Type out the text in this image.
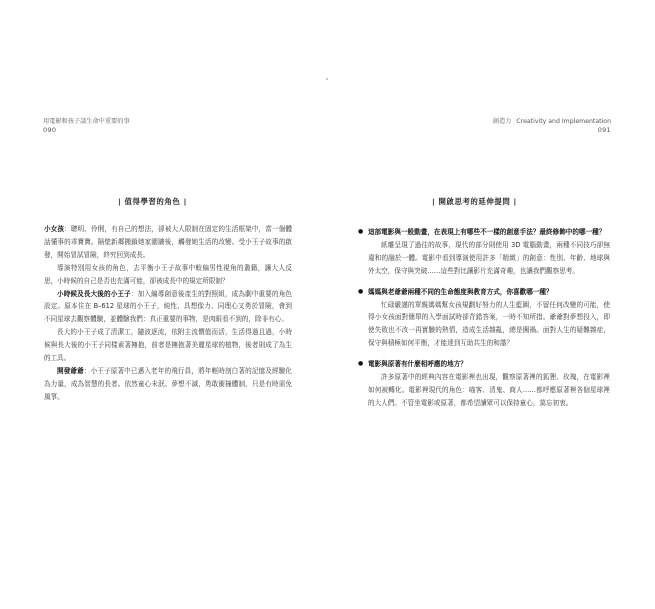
用電影和孩子談生命中重要的事
090
| 值得學習的角色 |

小女孩：聰明、伶俐，有自己的想法，卻被大人限制在固定的生活框架中，當一個體話懂事的乖寶寶。隔壁新鄰搬鎖她家圍牆後，觸發她生活的改變。受小王子故事的啟發，開始冒試冒險，終究回到成長。

導演特別用女孩的角色，去平衡小王子故事中較偏男性視角的叢籍，讓大人反思，小時候的自己是否也充滿可能，卻被成長中的規定所限制？

小時候及長大後的小王子：加入編導創意後產生的對照組，成為劇中重要的角色設定。原本住在 B–612 星球的小王子，純性、具想像力、同理心又勇於冒險，會到不同星球去觀察體驗，並體驗我們：真正重要的事物，是肉眼看不到的，除非有心。

長大的小王子成了清潔工，隨波逐流，依附主流價值而活，生活得過且過，小時候與長大後的小王子同樣素著擁抱，前者是擁抱著美麗星球的植物，後者則成了為生的工具。

開發爺爺：小王子原著中已邁入老年的飛行員，將年輕時剖白著的記憶及經驗化為力量，成為智慧的長者。依然童心未泯、夢想不滅，勇敢衝撞體制，只是有時需免風箏。

創造力 Creativity and Implementation
091
| 開啟思考的延伸提問 |
● 這部電影與一般動畫，在表現上有哪些不一樣的創意手法？最終修飾中的哪一種？

紙雕呈現了過往的故事，現代的部分則使用 3D 電腦動畫，兩種不同技巧卻無違和的融於一體。電影中看到導演使用許多「精緻」的創意：性別、年齡、地球與外太空，保守與突破……這些對比讓影片充滿奇趣，也讓我們觀察思考。

● 媽媽與老爺爺兩種不同的生命態度與教育方式，你喜歡哪一種？

忙碌嚴謹的單親媽媽幫女孩規劃好努力的人生藍圖，不留任何改變的可能，使得小女孩面對簡單的入學面試時卻背錯答案，一時不知所措。爺爺對夢想投入，即使失敗也不改一再實驗的熱情，造成生活雜亂，總是闖禍。面對人生的疑難雜症，保守與積極如何平衡，才能達到互助共生的和諧？

● 電影與原著有什麼相呼應的地方？

許多原著中的經典內容在電影裡也出現，觀察原著裡的狐狸、玫瑰，在電影裡如何被轉化。電影裡現代的角色：喵客、清鬼、商人……都呼應原著裡各個星球裡的大人們。不管坐電影或原著，都希望讀眾可以保持童心，莫忘初衷。
